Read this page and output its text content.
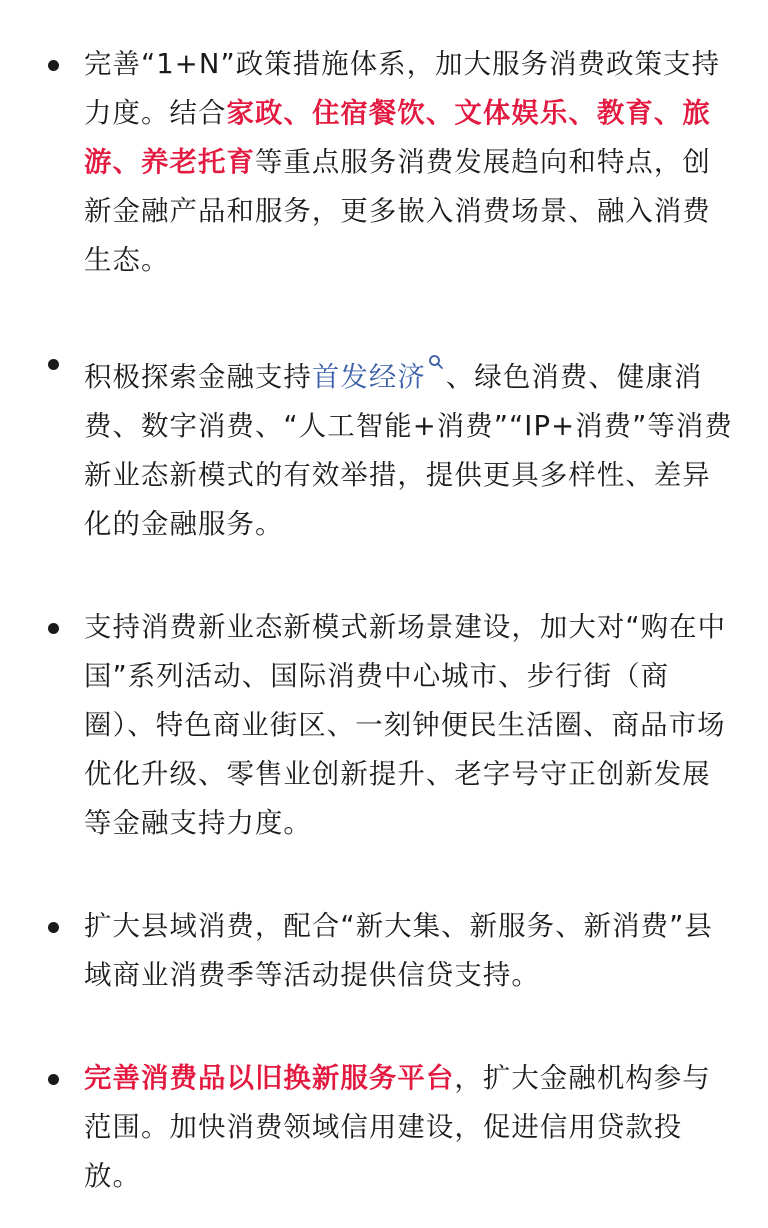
完善“1+N”政策措施体系，加大服务消费政策支持力度。结合家政、住宿餐饮、文体娱乐、教育、旅游、养老托育等重点服务消费发展趋向和特点，创新金融产品和服务，更多嵌入消费场景、融入消费生态。
积极探索金融支持首发经济 、绿色消费、健康消费、数字消费、“人工智能+消费”“IP+消费”等消费新业态新模式的有效举措，提供更具多样性、差异化的金融服务。
支持消费新业态新模式新场景建设，加大对“购在中国”系列活动、国际消费中心城市、步行街（商圈）、特色商业街区、一刻钟便民生活圈、商品市场优化升级、零售业创新提升、老字号守正创新发展等金融支持力度。
扩大县域消费，配合“新大集、新服务、新消费”县域商业消费季等活动提供信贷支持。
完善消费品以旧换新服务平台，扩大金融机构参与范围。加快消费领域信用建设，促进信用贷款投放。
